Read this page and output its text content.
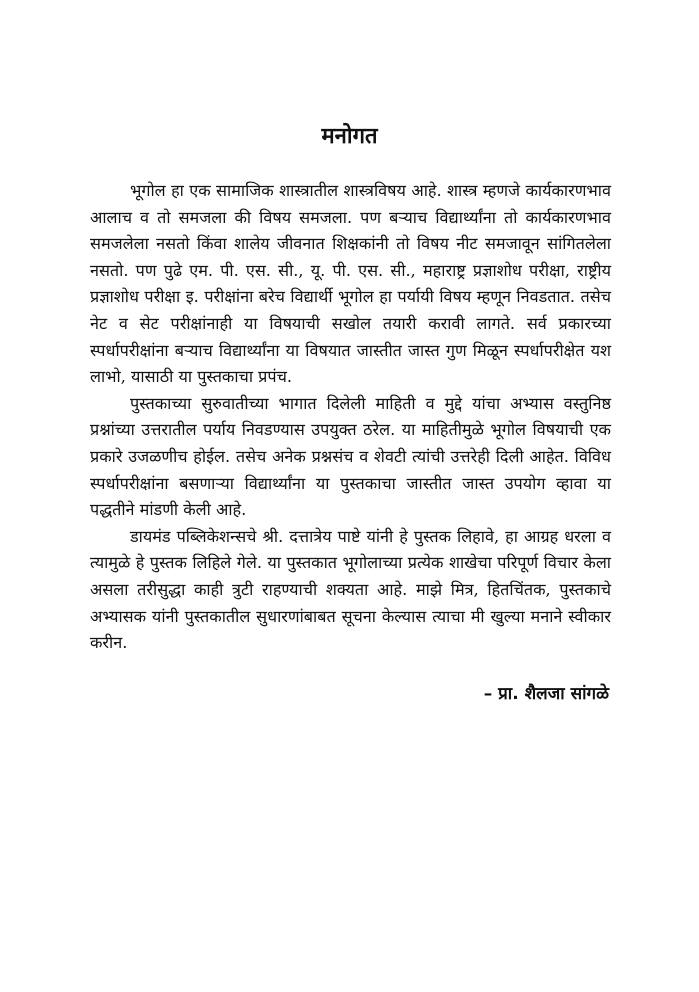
मनोगत

भूगोल हा एक सामाजिक शास्त्रातील शास्त्रविषय आहे. शास्त्र म्हणजे कार्यकारणभाव आलाच व तो समजला की विषय समजला. पण बऱ्याच विद्यार्थ्यांना तो कार्यकारणभाव समजलेला नसतो किंवा शालेय जीवनात शिक्षकांनी तो विषय नीट समजावून सांगितलेला नसतो. पण पुढे एम. पी. एस. सी., यू. पी. एस. सी., महाराष्ट्र प्रज्ञाशोध परीक्षा, राष्ट्रीय प्रज्ञाशोध परीक्षा इ. परीक्षांना बरेच विद्यार्थी भूगोल हा पर्यायी विषय म्हणून निवडतात. तसेच नेट व सेट परीक्षांनाही या विषयाची सखोल तयारी करावी लागते. सर्व प्रकारच्या स्पर्धापरीक्षांना बऱ्याच विद्यार्थ्यांना या विषयात जास्तीत जास्त गुण मिळून स्पर्धापरीक्षेत यश लाभो, यासाठी या पुस्तकाचा प्रपंच.

पुस्तकाच्या सुरुवातीच्या भागात दिलेली माहिती व मुद्दे यांचा अभ्यास वस्तुनिष्ठ प्रश्नांच्या उत्तरातील पर्याय निवडण्यास उपयुक्त ठरेल. या माहितीमुळे भूगोल विषयाची एक प्रकारे उजळणीच होईल. तसेच अनेक प्रश्नसंच व शेवटी त्यांची उत्तरेही दिली आहेत. विविध स्पर्धापरीक्षांना बसणाऱ्या विद्यार्थ्यांना या पुस्तकाचा जास्तीत जास्त उपयोग व्हावा या पद्धतीने मांडणी केली आहे.

डायमंड पब्लिकेशन्सचे श्री. दत्तात्रेय पाष्टे यांनी हे पुस्तक लिहावे, हा आग्रह धरला व त्यामुळे हे पुस्तक लिहिले गेले. या पुस्तकात भूगोलाच्या प्रत्येक शाखेचा परिपूर्ण विचार केला असला तरीसुद्धा काही त्रुटी राहण्याची शक्यता आहे. माझे मित्र, हितचिंतक, पुस्तकाचे अभ्यासक यांनी पुस्तकातील सुधारणांबाबत सूचना केल्यास त्याचा मी खुल्या मनाने स्वीकार करीन.

– प्रा. शैलजा सांगळे
